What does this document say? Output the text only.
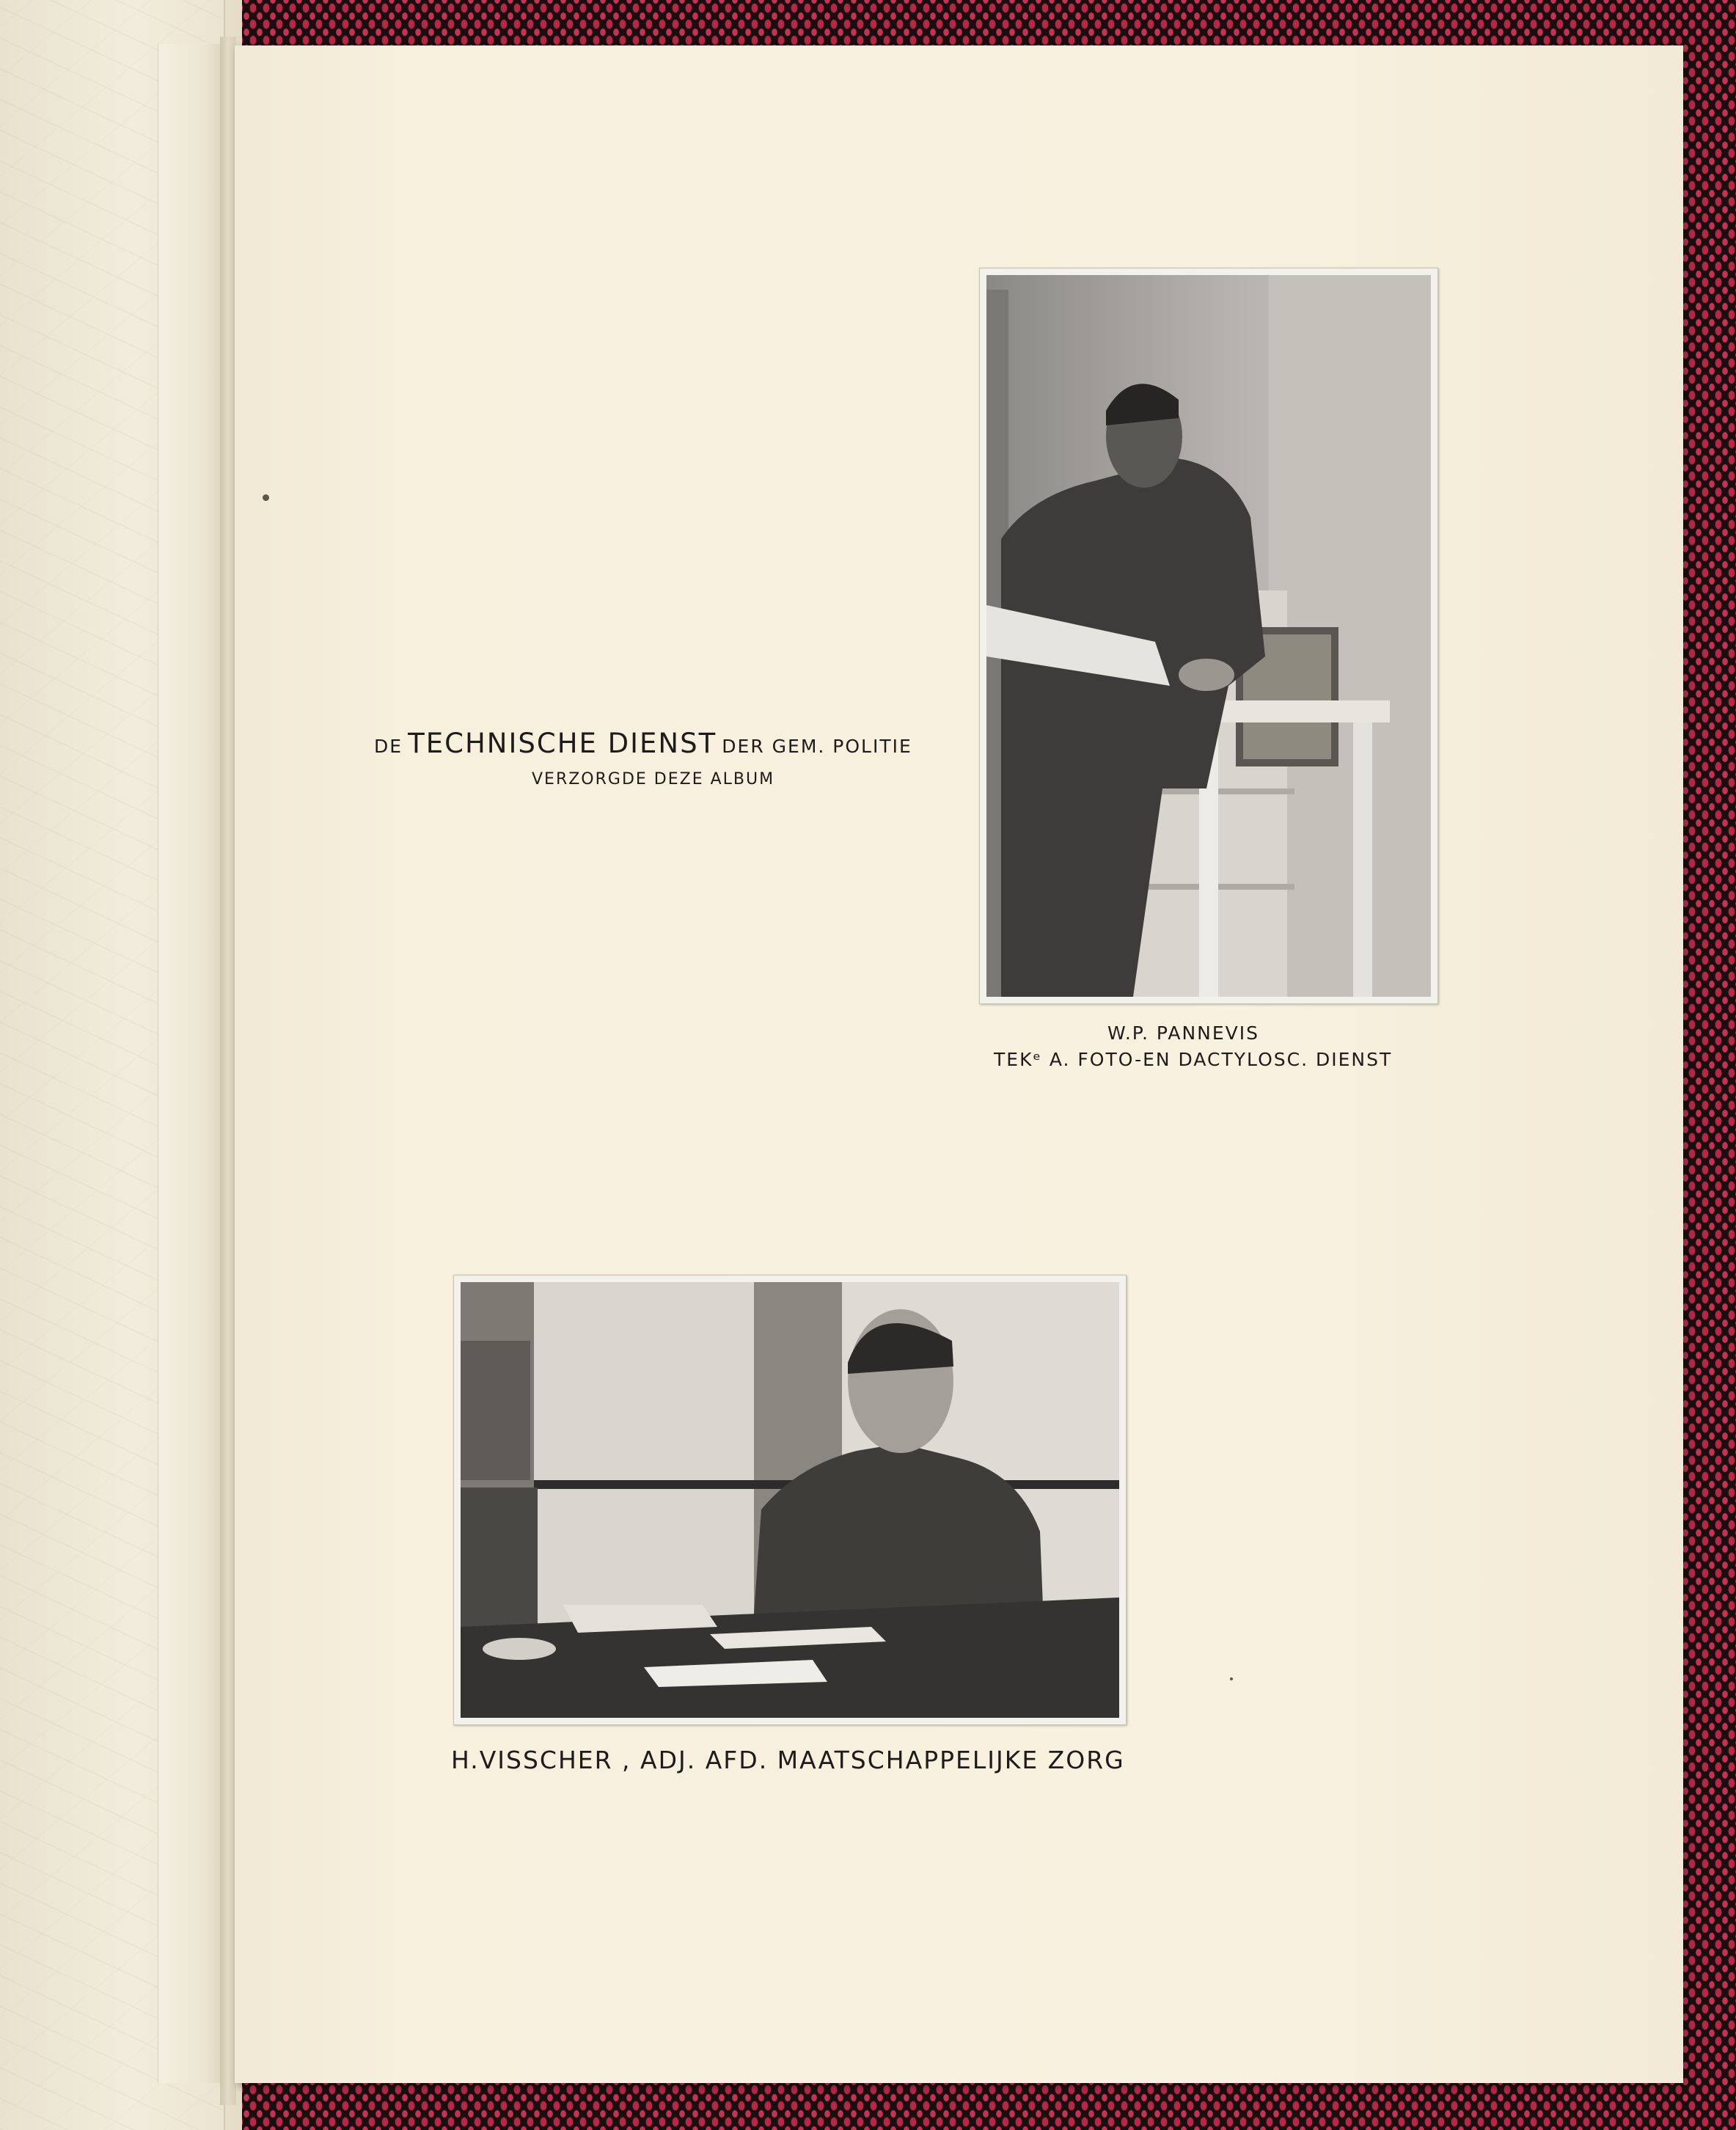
DE TECHNISCHE DIENST DER GEM. POLITIE
VERZORGDE DEZE ALBUM
W.P. PANNEVIS
TEKᵉ A. FOTO-EN DACTYLOSC. DIENST
H.VISSCHER , ADJ. AFD. MAATSCHAPPELIJKE ZORG
